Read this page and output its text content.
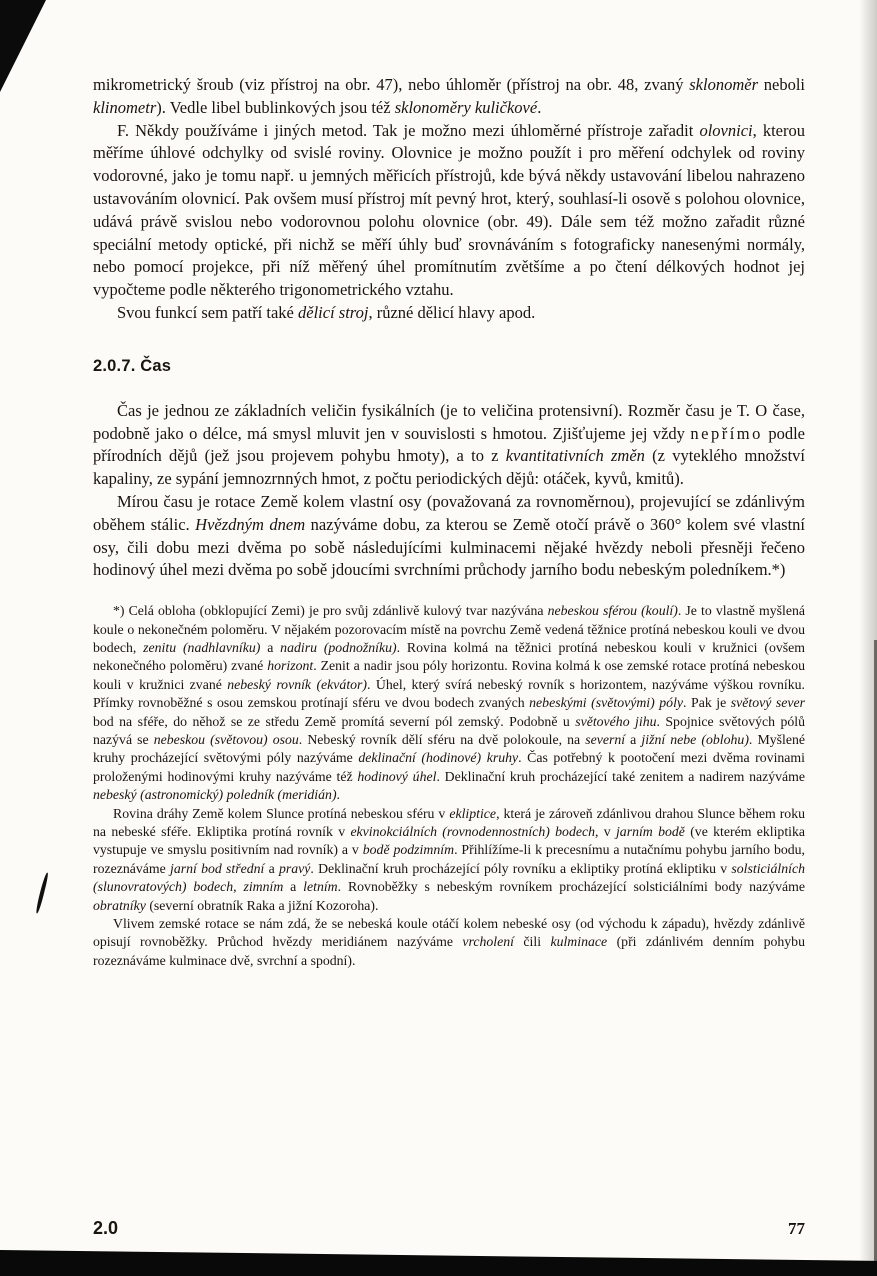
mikrometrický šroub (viz přístroj na obr. 47), nebo úhloměr (přístroj na obr. 48, zvaný sklonoměr neboli klinometr). Vedle libel bublinkových jsou též sklonoměry kuličkové.

F. Někdy používáme i jiných metod. Tak je možno mezi úhloměrné přístroje zařadit olovnici, kterou měříme úhlové odchylky od svislé roviny. Olovnice je možno použít i pro měření odchylek od roviny vodorovné, jako je tomu např. u jemných měřicích přístrojů, kde bývá někdy ustavování libelou nahrazeno ustavováním olovnicí. Pak ovšem musí přístroj mít pevný hrot, který, souhlasí-li osově s polohou olovnice, udává právě svislou nebo vodorovnou polohu olovnice (obr. 49). Dále sem též možno zařadit různé speciální metody optické, při nichž se měří úhly buď srovnáváním s fotograficky nanesenými normály, nebo pomocí projekce, při níž měřený úhel promítnutím zvětšíme a po čtení délkových hodnot jej vypočteme podle některého trigonometrického vztahu.

Svou funkcí sem patří také dělicí stroj, různé dělicí hlavy apod.

2.0.7. Čas

Čas je jednou ze základních veličin fysikálních (je to veličina protensivní). Rozměr času je T. O čase, podobně jako o délce, má smysl mluvit jen v souvislosti s hmotou. Zjišťujeme jej vždy nepřímo podle přírodních dějů (jež jsou projevem pohybu hmoty), a to z kvantitativních změn (z vyteklého množství kapaliny, ze sypání jemnozrnných hmot, z počtu periodických dějů: otáček, kyvů, kmitů).

Mírou času je rotace Země kolem vlastní osy (považovaná za rovnoměrnou), projevující se zdánlivým oběhem stálic. Hvězdným dnem nazýváme dobu, za kterou se Země otočí právě o 360° kolem své vlastní osy, čili dobu mezi dvěma po sobě následujícími kulminacemi nějaké hvězdy neboli přesněji řečeno hodinový úhel mezi dvěma po sobě jdoucími svrchními průchody jarního bodu nebeským poledníkem.*)

*) Celá obloha (obklopující Zemi) je pro svůj zdánlivě kulový tvar nazývána nebeskou sférou (koulí). Je to vlastně myšlená koule o nekonečném poloměru. V nějakém pozorovacím místě na povrchu Země vedená těžnice protíná nebeskou kouli ve dvou bodech, zenitu (nadhlavníku) a nadiru (podnožníku). Rovina kolmá na těžnici protíná nebeskou kouli v kružnici (ovšem nekonečného poloměru) zvané horizont. Zenit a nadir jsou póly horizontu. Rovina kolmá k ose zemské rotace protíná nebeskou kouli v kružnici zvané nebeský rovník (ekvátor). Úhel, který svírá nebeský rovník s horizontem, nazýváme výškou rovníku. Přímky rovnoběžné s osou zemskou protínají sféru ve dvou bodech zvaných nebeskými (světovými) póly. Pak je světový sever bod na sféře, do něhož se ze středu Země promítá severní pól zemský. Podobně u světového jihu. Spojnice světových pólů nazývá se nebeskou (světovou) osou. Nebeský rovník dělí sféru na dvě polokoule, na severní a jižní nebe (oblohu). Myšlené kruhy procházející světovými póly nazýváme deklinační (hodinové) kruhy. Čas potřebný k pootočení mezi dvěma rovinami proloženými hodinovými kruhy nazýváme též hodinový úhel. Deklinační kruh procházející také zenitem a nadirem nazýváme nebeský (astronomický) poledník (meridián).

Rovina dráhy Země kolem Slunce protíná nebeskou sféru v ekliptice, která je zároveň zdánlivou drahou Slunce během roku na nebeské sféře. Ekliptika protíná rovník v ekvinokciálních (rovnodennostních) bodech, v jarním bodě (ve kterém ekliptika vystupuje ve smyslu positivním nad rovník) a v bodě podzimním. Přihlížíme-li k precesnímu a nutačnímu pohybu jarního bodu, rozeznáváme jarní bod střední a pravý. Deklinační kruh procházející póly rovníku a ekliptiky protíná ekliptiku v solsticiálních (slunovratových) bodech, zimním a letním. Rovnoběžky s nebeským rovníkem procházející solsticiálními body nazýváme obratníky (severní obratník Raka a jižní Kozoroha).

Vlivem zemské rotace se nám zdá, že se nebeská koule otáčí kolem nebeské osy (od východu k západu), hvězdy zdánlivě opisují rovnoběžky. Průchod hvězdy meridiánem nazýváme vrcholení čili kulminace (při zdánlivém denním pohybu rozeznáváme kulminace dvě, svrchní a spodní).

2.0	77
